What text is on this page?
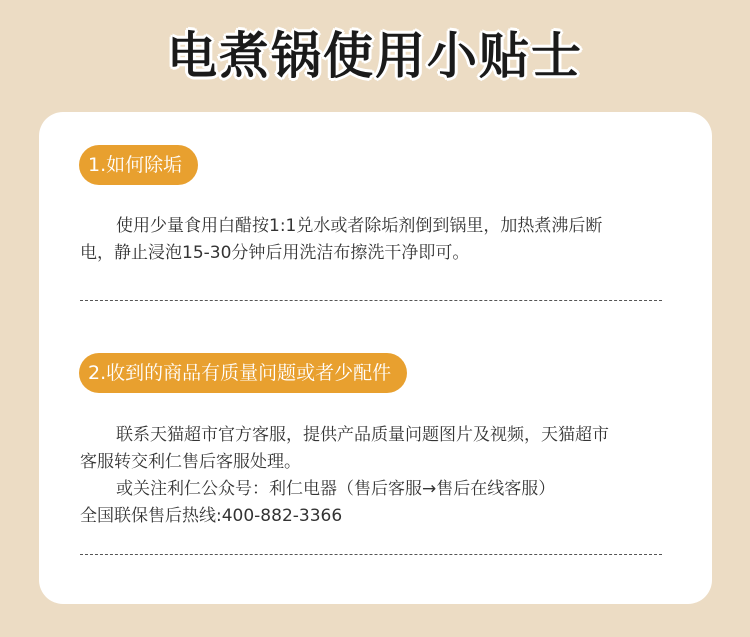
电煮锅使用小贴士
1.如何除垢
使用少量食用白醋按1:1兑水或者除垢剂倒到锅里，加热煮沸后断
电，静止浸泡15-30分钟后用洗洁布擦洗干净即可。
2.收到的商品有质量问题或者少配件
联系天猫超市官方客服，提供产品质量问题图片及视频，天猫超市
客服转交利仁售后客服处理。
或关注利仁公众号：利仁电器（售后客服→售后在线客服）
全国联保售后热线:400-882-3366
